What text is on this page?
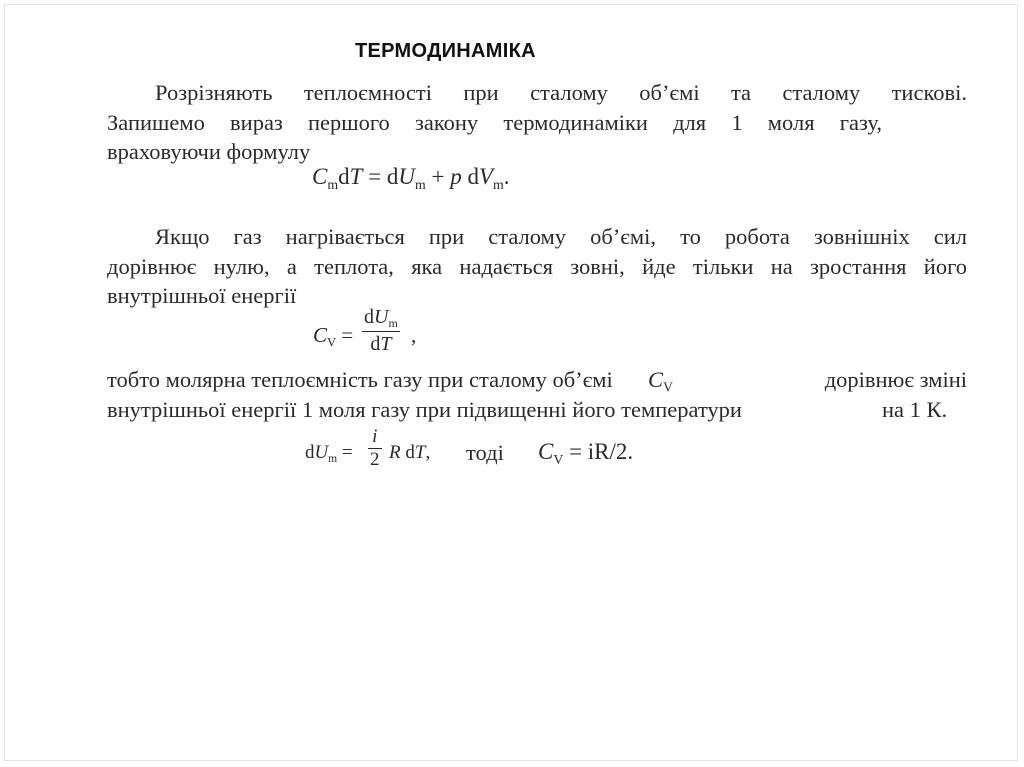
ТЕРМОДИНАМІКА
Розрізняють теплоємності при сталому об’ємі та сталому тискові.
Запишемо вираз першого закону термодинаміки для 1 моля газу,
враховуючи формулу
$C_mdT = dU_m + p$ $dV_m$.
Якщо газ нагрівається при сталому об’ємі, то робота зовнішніх сил
дорівнює нулю, а теплота, яка надається зовні, йде тільки на зростання його
внутрішньої енергії
$C_V$ =
$dU_m$
dT ,
тобто молярна теплоємність газу при сталому об’ємі $C_V$	дорівнює зміні
внутрішньої енергії 1 моля газу при підвищенні його температури	на 1 К.
$dU_m = \frac{i}{2}$ R dT, тоді $C_V = iR/2$.
